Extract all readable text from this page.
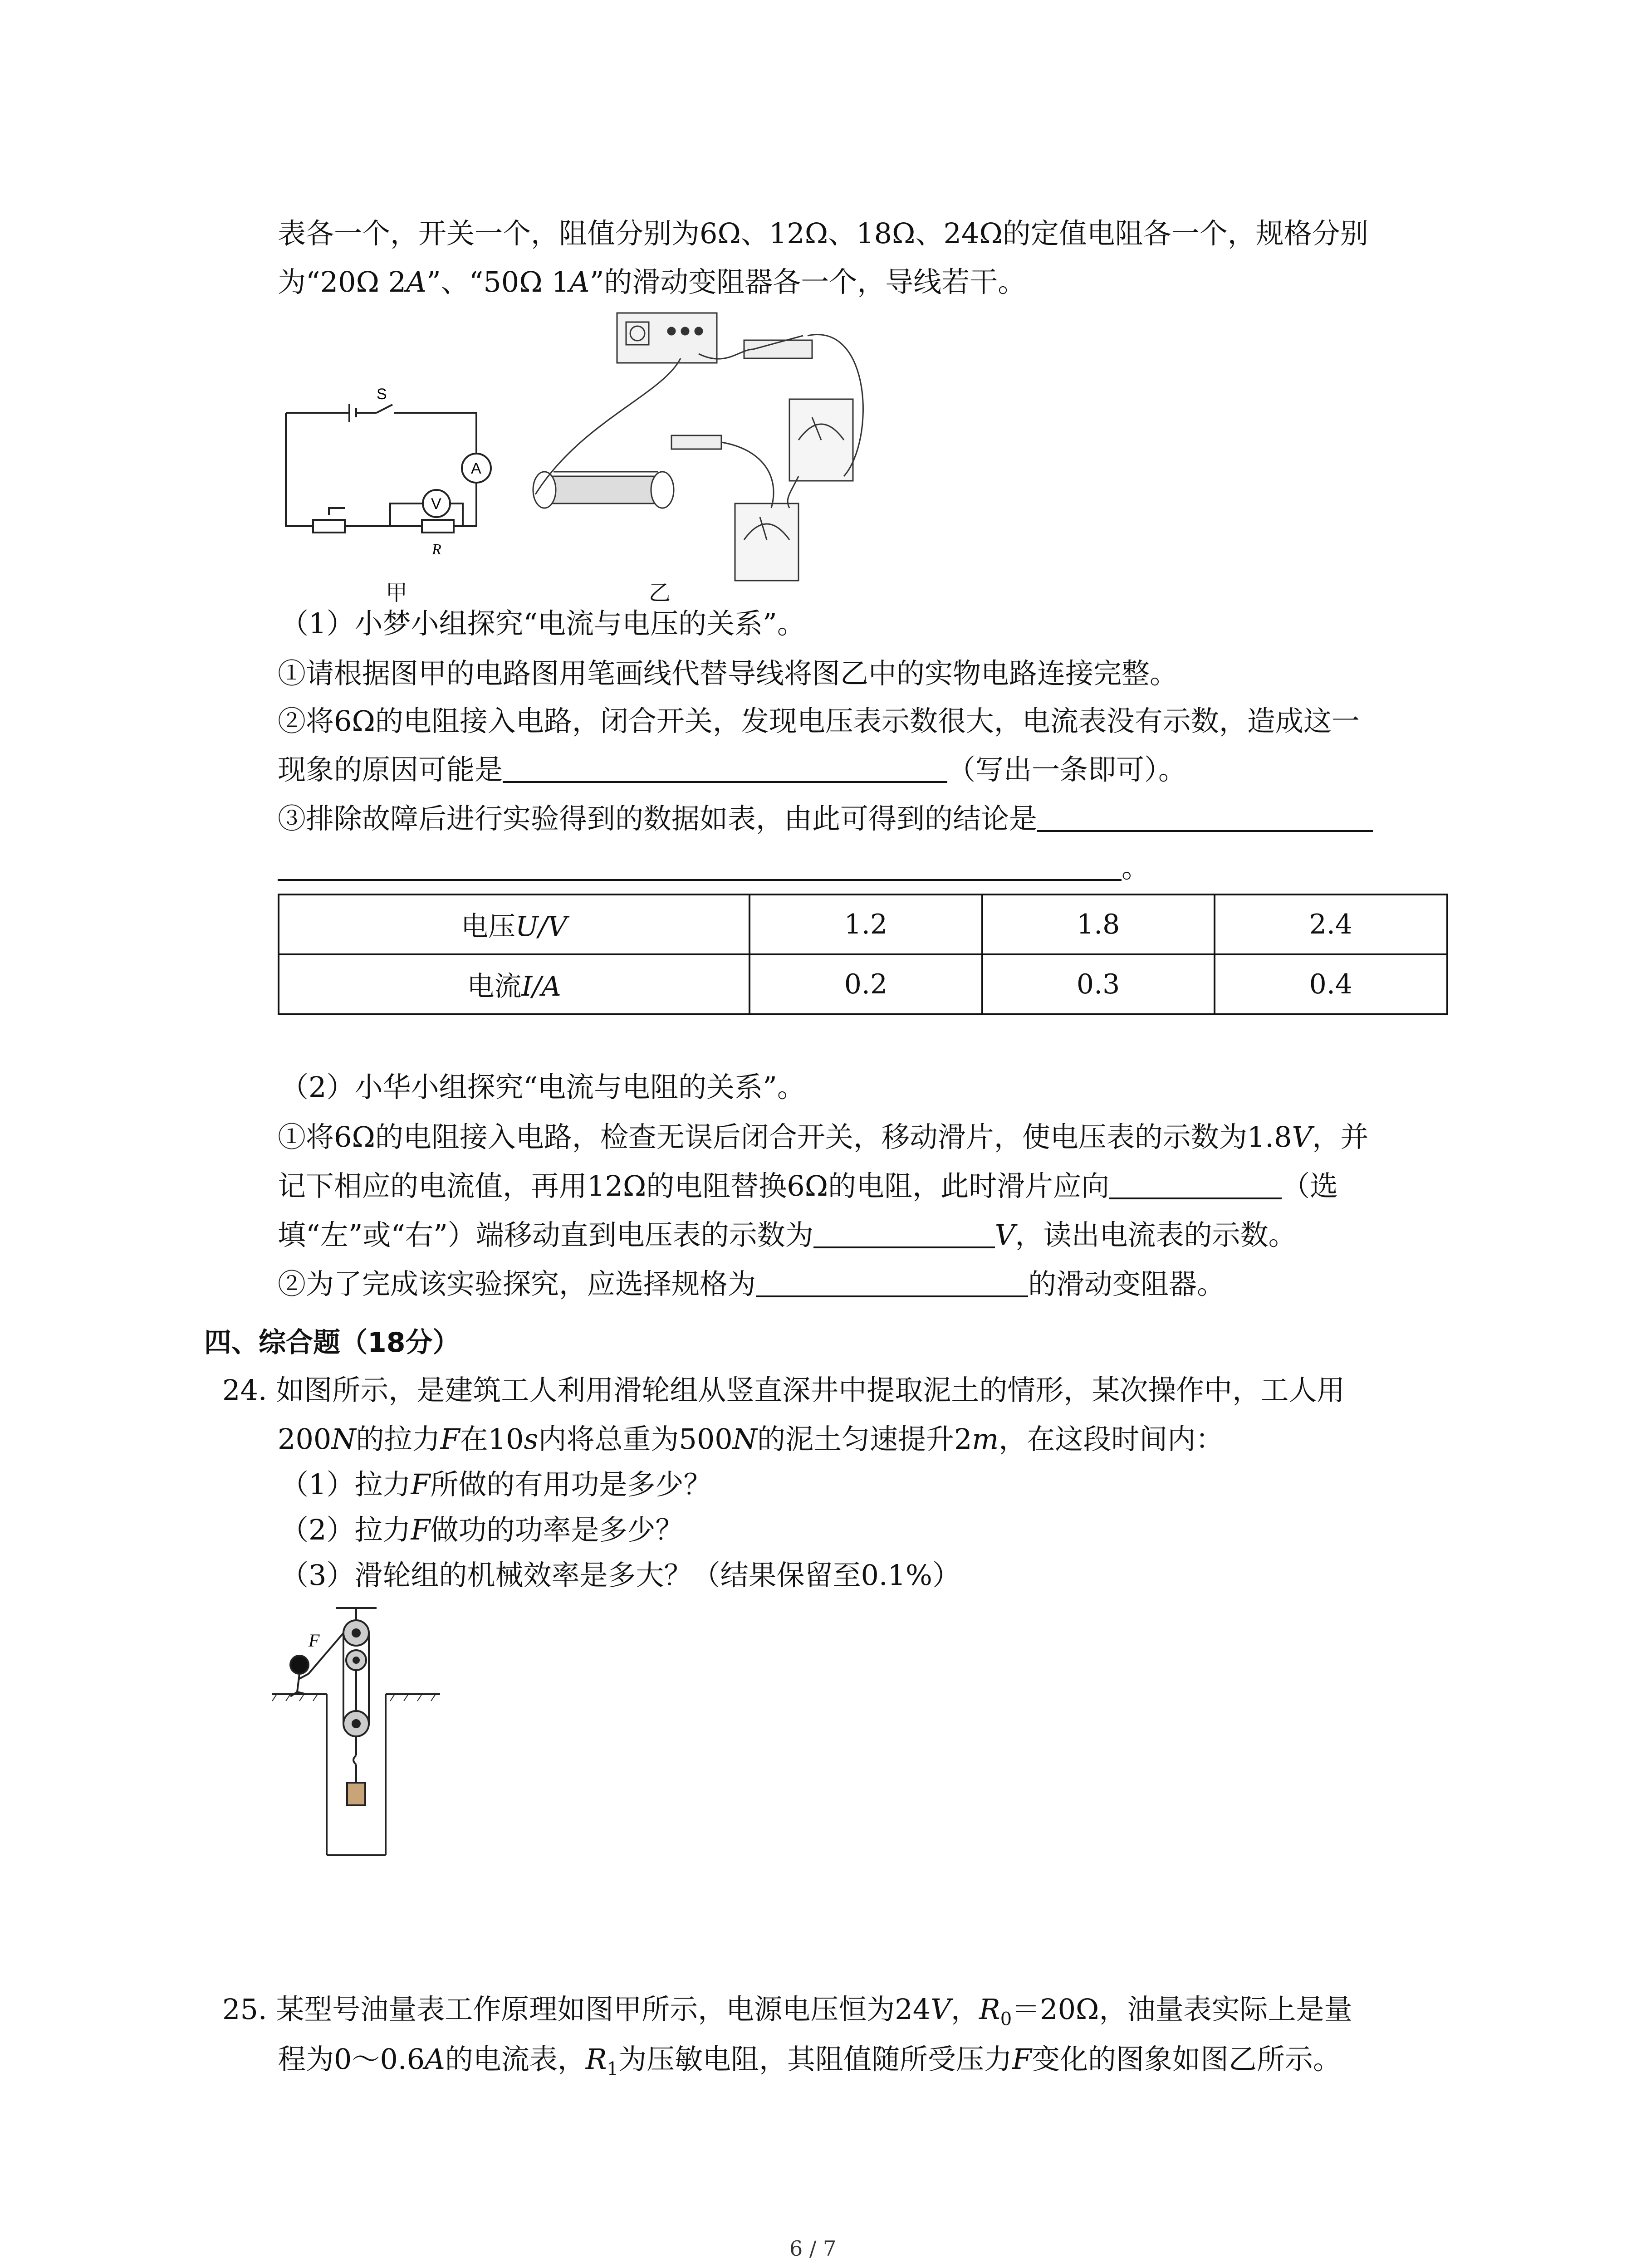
表各一个，开关一个，阻值分别为6Ω、12Ω、18Ω、24Ω的定值电阻各一个，规格分别
为“20Ω 2A”、“50Ω 1A”的滑动变阻器各一个，导线若干。
S
A
V
R
甲	乙
（1）小梦小组探究“电流与电压的关系”。
①请根据图甲的电路图用笔画线代替导线将图乙中的实物电路连接完整。
②将6Ω的电阻接入电路，闭合开关，发现电压表示数很大，电流表没有示数，造成这一
现象的原因可能是	（写出一条即可）。
③排除故障后进行实验得到的数据如表，由此可得到的结论是
。
电压U/V	1.2	1.8	2.4
电流I/A	0.2	0.3	0.4
（2）小华小组探究“电流与电阻的关系”。
①将6Ω的电阻接入电路，检查无误后闭合开关，移动滑片，使电压表的示数为1.8V，并
记下相应的电流值，再用12Ω的电阻替换6Ω的电阻，此时滑片应向	（选
填“左”或“右”）端移动直到电压表的示数为	V，读出电流表的示数。
②为了完成该实验探究，应选择规格为	的滑动变阻器。
四、综合题（18分）
24. 如图所示，是建筑工人利用滑轮组从竖直深井中提取泥土的情形，某次操作中，工人用
200N的拉力F在10s内将总重为500N的泥土匀速提升2m，在这段时间内：
（1）拉力F所做的有用功是多少？
（2）拉力F做功的功率是多少？
（3）滑轮组的机械效率是多大？（结果保留至0.1%）
F
25. 某型号油量表工作原理如图甲所示，电源电压恒为24V，$R_0=20\Omega$，油量表实际上是量
程为0～0.6A的电流表，$R_1$为压敏电阻，其阻值随所受压力F变化的图象如图乙所示。
6 / 7
